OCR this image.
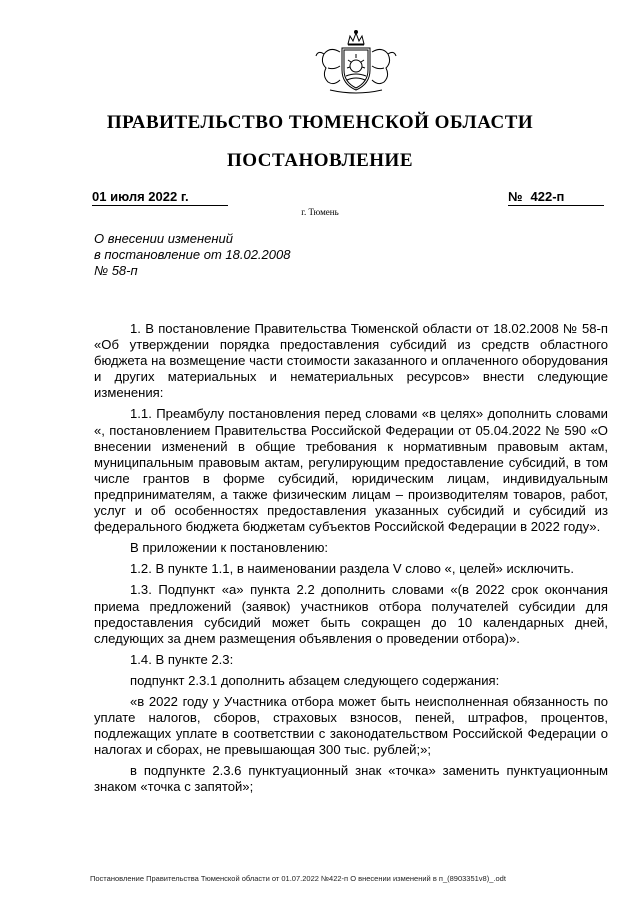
ПРАВИТЕЛЬСТВО ТЮМЕНСКОЙ ОБЛАСТИ
ПОСТАНОВЛЕНИЕ
01 июля 2022 г.	№ 422-п
г. Тюмень
О внесении изменений
в постановление от 18.02.2008
№ 58-п

1. В постановление Правительства Тюменской области от 18.02.2008 № 58-п «Об утверждении порядка предоставления субсидий из средств областного бюджета на возмещение части стоимости заказанного и оплаченного оборудования и других материальных и нематериальных ресурсов» внести следующие изменения:

1.1. Преамбулу постановления перед словами «в целях» дополнить словами «, постановлением Правительства Российской Федерации от 05.04.2022 № 590 «О внесении изменений в общие требования к нормативным правовым актам, муниципальным правовым актам, регулирующим предоставление субсидий, в том числе грантов в форме субсидий, юридическим лицам, индивидуальным предпринимателям, а также физическим лицам – производителям товаров, работ, услуг и об особенностях предоставления указанных субсидий и субсидий из федерального бюджета бюджетам субъектов Российской Федерации в 2022 году».

В приложении к постановлению:

1.2. В пункте 1.1, в наименовании раздела V слово «, целей» исключить.

1.3. Подпункт «а» пункта 2.2 дополнить словами «(в 2022 срок окончания приема предложений (заявок) участников отбора получателей субсидии для предоставления субсидий может быть сокращен до 10 календарных дней, следующих за днем размещения объявления о проведении отбора)».

1.4. В пункте 2.3:

подпункт 2.3.1 дополнить абзацем следующего содержания:

«в 2022 году у Участника отбора может быть неисполненная обязанность по уплате налогов, сборов, страховых взносов, пеней, штрафов, процентов, подлежащих уплате в соответствии с законодательством Российской Федерации о налогах и сборах, не превышающая 300 тыс. рублей;»;

в подпункте 2.3.6 пунктуационный знак «точка» заменить пунктуационным знаком «точка с запятой»;

Постановление Правительства Тюменской области от 01.07.2022 №422-п О внесении изменений в п_(8903351v8)_.odt
